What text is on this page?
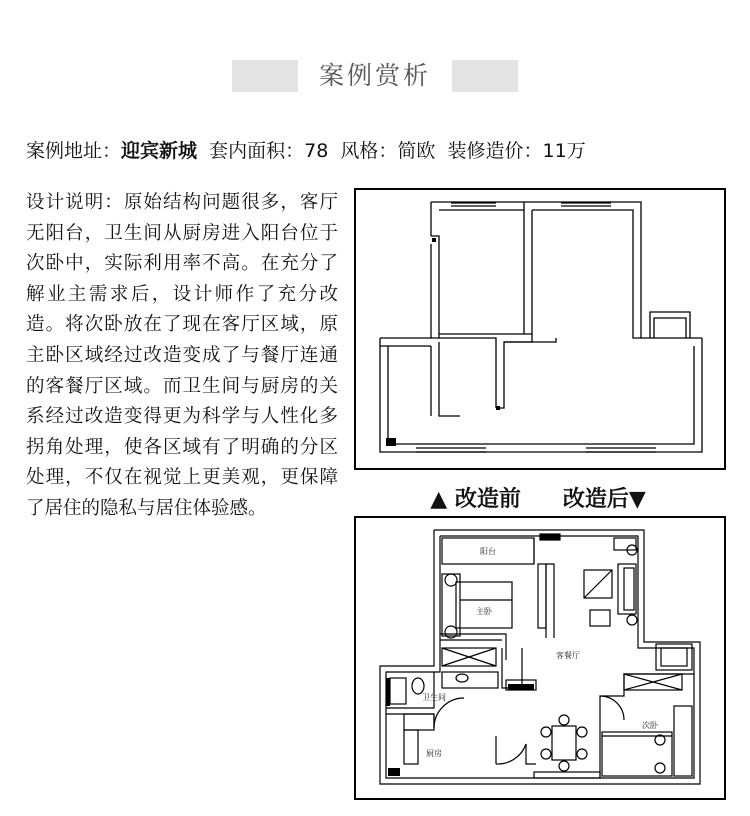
案例赏析
案例地址：迎宾新城 套内面积：78 风格：简欧 装修造价：11万
设计说明：原始结构问题很多，客厅无阳台，卫生间从厨房进入阳台位于次卧中，实际利用率不高。在充分了解业主需求后，设计师作了充分改造。将次卧放在了现在客厅区域，原主卧区域经过改造变成了与餐厅连通的客餐厅区域。而卫生间与厨房的关系经过改造变得更为科学与人性化多拐角处理，使各区域有了明确的分区处理，不仅在视觉上更美观，更保障了居住的隐私与居住体验感。	▲ 改造前 改造后▼
阳台
主卧
客餐厅
卫生间
厨房
次卧
